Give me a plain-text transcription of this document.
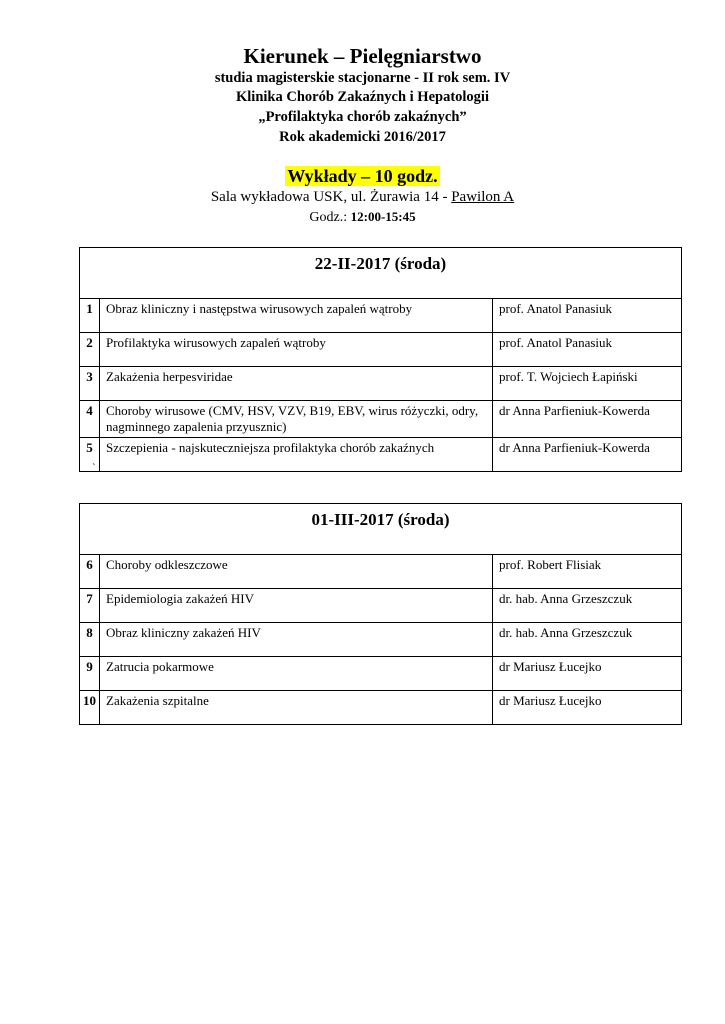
Kierunek – Pielęgniarstwo
studia magisterskie stacjonarne - II rok sem. IV
Klinika Chorób Zakaźnych i Hepatologii
„Profilaktyka chorób zakaźnych”
Rok akademicki 2016/2017
Wykłady – 10 godz.
Sala wykładowa USK, ul. Żurawia 14 - Pawilon A
Godz.: 12:00-15:45
22-II-2017 (środa)		
1	Obraz kliniczny i następstwa wirusowych zapaleń wątroby	prof. Anatol Panasiuk
2	Profilaktyka wirusowych zapaleń wątroby	prof. Anatol Panasiuk
3	Zakażenia herpesviridae	prof. T. Wojciech Łapiński
4	Choroby wirusowe (CMV, HSV, VZV, B19, EBV, wirus różyczki, odry, nagminnego zapalenia przyusznic)	dr Anna Parfieniuk-Kowerda
5	Szczepienia - najskuteczniejsza profilaktyka chorób zakaźnych	dr Anna Parfieniuk-Kowerda
`
01-III-2017 (środa)		
6	Choroby odkleszczowe	prof. Robert Flisiak
7	Epidemiologia zakażeń HIV	dr. hab. Anna Grzeszczuk
8	Obraz kliniczny zakażeń HIV	dr. hab. Anna Grzeszczuk
9	Zatrucia pokarmowe	dr Mariusz Łucejko
10	Zakażenia szpitalne	dr Mariusz Łucejko
